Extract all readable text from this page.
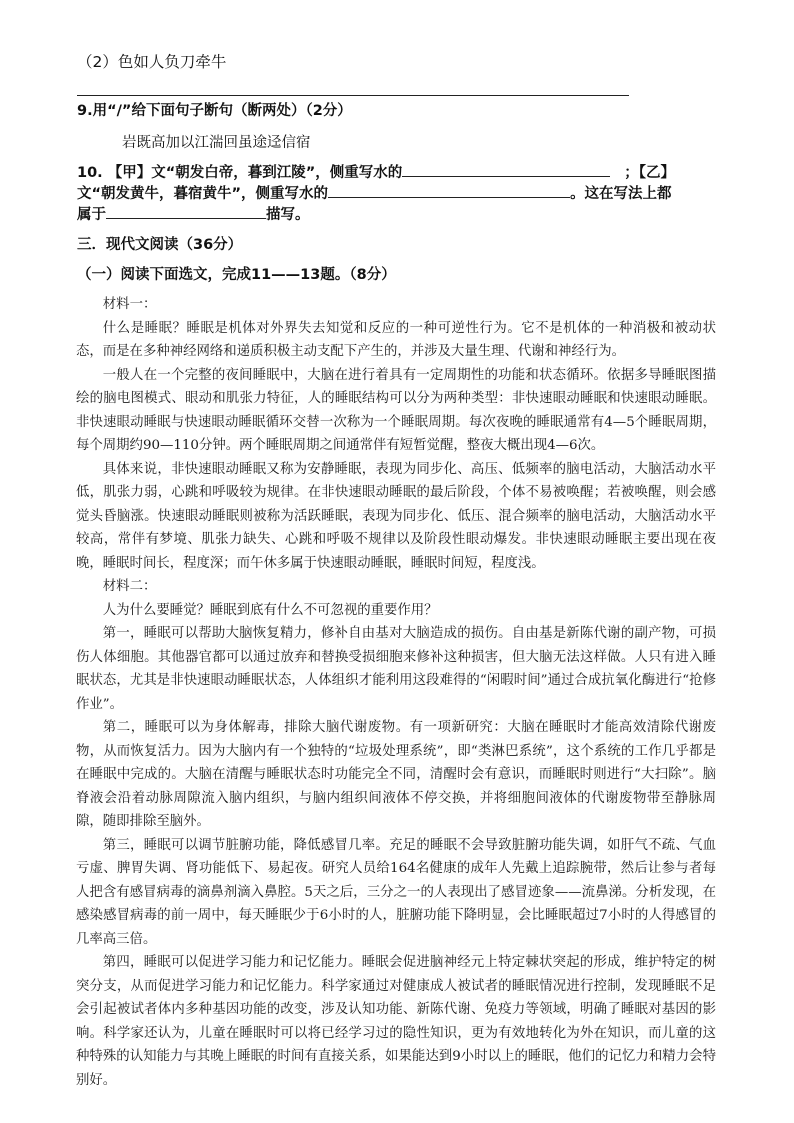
（2）色如人负刀牵牛
9.用“/”给下面句子断句（断两处）（2分）
岩既高加以江湍回虽途迳信宿
10. 【甲】文“朝发白帝，暮到江陵”，侧重写水的	；【乙】
文“朝发黄牛，暮宿黄牛”，侧重写水的	。这在写法上都
属于	描写。
三．现代文阅读（36分）
（一）阅读下面选文，完成11——13题。（8分）

材料一：

什么是睡眠？睡眠是机体对外界失去知觉和反应的一种可逆性行为。它不是机体的一种消极和被动状态，而是在多种神经网络和递质积极主动支配下产生的，并涉及大量生理、代谢和神经行为。

一般人在一个完整的夜间睡眠中，大脑在进行着具有一定周期性的功能和状态循环。依据多导睡眠图描绘的脑电图模式、眼动和肌张力特征，人的睡眠结构可以分为两种类型：非快速眼动睡眠和快速眼动睡眠。非快速眼动睡眠与快速眼动睡眠循环交替一次称为一个睡眠周期。每次夜晚的睡眠通常有4—5个睡眠周期，每个周期约90—110分钟。两个睡眠周期之间通常伴有短暂觉醒，整夜大概出现4—6次。

具体来说，非快速眼动睡眠又称为安静睡眠，表现为同步化、高压、低频率的脑电活动，大脑活动水平低，肌张力弱，心跳和呼吸较为规律。在非快速眼动睡眠的最后阶段，个体不易被唤醒；若被唤醒，则会感觉头昏脑涨。快速眼动睡眠则被称为活跃睡眠，表现为同步化、低压、混合频率的脑电活动，大脑活动水平较高，常伴有梦境、肌张力缺失、心跳和呼吸不规律以及阶段性眼动爆发。非快速眼动睡眠主要出现在夜晚，睡眠时间长，程度深；而午休多属于快速眼动睡眠，睡眠时间短，程度浅。

材料二：

人为什么要睡觉？睡眠到底有什么不可忽视的重要作用？

第一，睡眠可以帮助大脑恢复精力，修补自由基对大脑造成的损伤。自由基是新陈代谢的副产物，可损伤人体细胞。其他器官都可以通过放弃和替换受损细胞来修补这种损害，但大脑无法这样做。人只有进入睡眠状态，尤其是非快速眼动睡眠状态，人体组织才能利用这段难得的“闲暇时间”通过合成抗氧化酶进行“抢修作业”。

第二，睡眠可以为身体解毒，排除大脑代谢废物。有一项新研究：大脑在睡眠时才能高效清除代谢废物，从而恢复活力。因为大脑内有一个独特的“垃圾处理系统”，即“类淋巴系统”，这个系统的工作几乎都是在睡眠中完成的。大脑在清醒与睡眠状态时功能完全不同，清醒时会有意识，而睡眠时则进行“大扫除”。脑脊液会沿着动脉周隙流入脑内组织，与脑内组织间液体不停交换，并将细胞间液体的代谢废物带至静脉周隙，随即排除至脑外。

第三，睡眠可以调节脏腑功能，降低感冒几率。充足的睡眠不会导致脏腑功能失调，如肝气不疏、气血亏虚、脾胃失调、肾功能低下、易起夜。研究人员给164名健康的成年人先戴上追踪腕带，然后让参与者每人把含有感冒病毒的滴鼻剂滴入鼻腔。5天之后，三分之一的人表现出了感冒迹象——流鼻涕。分析发现，在感染感冒病毒的前一周中，每天睡眠少于6小时的人，脏腑功能下降明显，会比睡眠超过7小时的人得感冒的几率高三倍。

第四，睡眠可以促进学习能力和记忆能力。睡眠会促进脑神经元上特定棘状突起的形成，维护特定的树突分支，从而促进学习能力和记忆能力。科学家通过对健康成人被试者的睡眠情况进行控制，发现睡眠不足会引起被试者体内多种基因功能的改变，涉及认知功能、新陈代谢、免疫力等领域，明确了睡眠对基因的影响。科学家还认为，儿童在睡眠时可以将已经学习过的隐性知识，更为有效地转化为外在知识，而儿童的这种特殊的认知能力与其晚上睡眠的时间有直接关系，如果能达到9小时以上的睡眠，他们的记忆力和精力会特别好。
